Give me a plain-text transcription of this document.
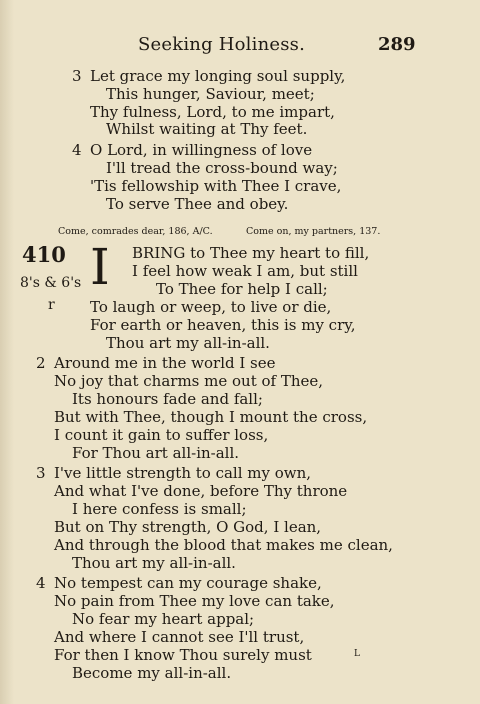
Seeking Holiness.	289
3 Let grace my longing soul supply,
This hunger, Saviour, meet;
Thy fulness, Lord, to me impart,
Whilst waiting at Thy feet.
4 O Lord, in willingness of love
I'll tread the cross-bound way;
'Tis fellowship with Thee I crave,
To serve Thee and obey.
Come, comrades dear, 186, A/C.	Come on, my partners, 137.
410 I
8's & 6's
r
BRING to Thee my heart to fill,
I feel how weak I am, but still
To Thee for help I call;
To laugh or weep, to live or die,
For earth or heaven, this is my cry,
Thou art my all-in-all.
2 Around me in the world I see
No joy that charms me out of Thee,
Its honours fade and fall;
But with Thee, though I mount the cross,
I count it gain to suffer loss,
For Thou art all-in-all.
3 I've little strength to call my own,
And what I've done, before Thy throne
I here confess is small;
But on Thy strength, O God, I lean,
And through the blood that makes me clean,
Thou art my all-in-all.
4 No tempest can my courage shake,
No pain from Thee my love can take,
No fear my heart appal;
And where I cannot see I'll trust,
For then I know Thou surely must
Become my all-in-all.
L
